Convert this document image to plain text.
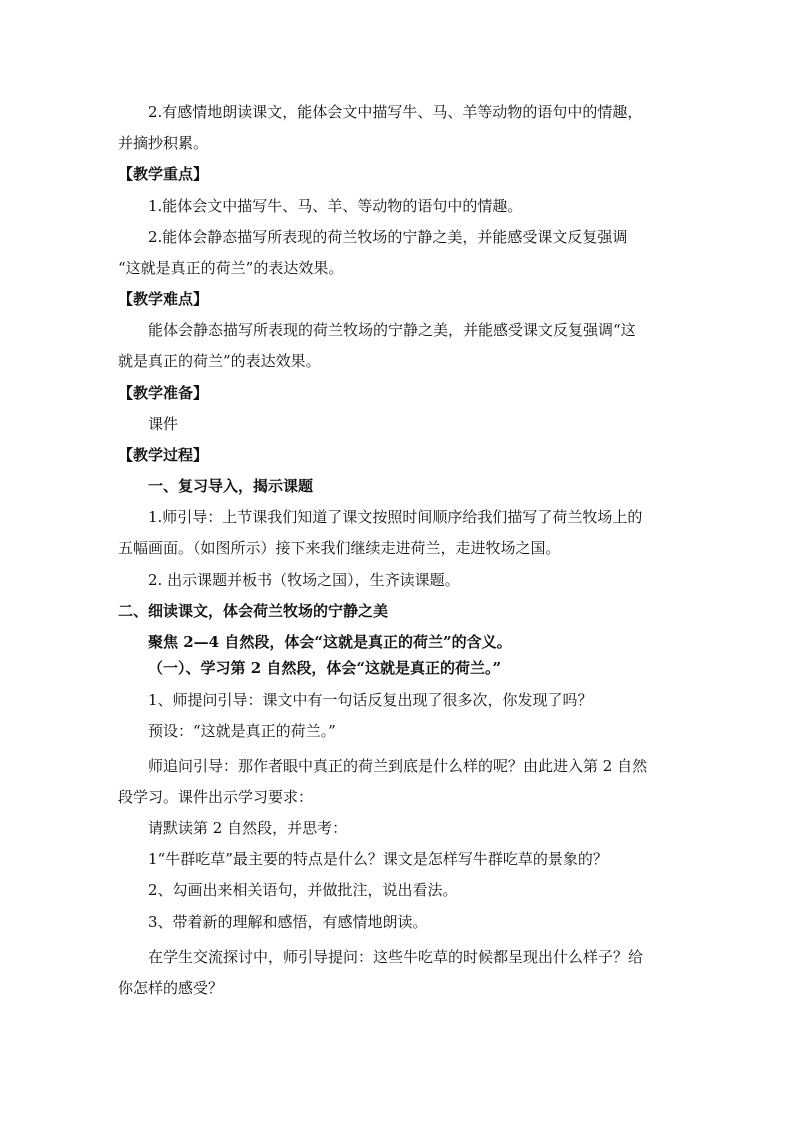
2.有感情地朗读课文，能体会文中描写牛、马、羊等动物的语句中的情趣，
并摘抄积累。
【教学重点】
1.能体会文中描写牛、马、羊、等动物的语句中的情趣。
2.能体会静态描写所表现的荷兰牧场的宁静之美，并能感受课文反复强调
“这就是真正的荷兰”的表达效果。
【教学难点】
能体会静态描写所表现的荷兰牧场的宁静之美，并能感受课文反复强调“这
就是真正的荷兰”的表达效果。
【教学准备】
课件
【教学过程】
一、复习导入，揭示课题
1.师引导：上节课我们知道了课文按照时间顺序给我们描写了荷兰牧场上的
五幅画面。（如图所示）接下来我们继续走进荷兰，走进牧场之国。
2. 出示课题并板书（牧场之国），生齐读课题。
二、细读课文，体会荷兰牧场的宁静之美
聚焦 2—4 自然段，体会“这就是真正的荷兰”的含义。
（一）、学习第 2 自然段，体会“这就是真正的荷兰。”
1、师提问引导：课文中有一句话反复出现了很多次，你发现了吗？
预设：“这就是真正的荷兰。”
师追问引导：那作者眼中真正的荷兰到底是什么样的呢？由此进入第 2 自然
段学习。课件出示学习要求：
请默读第 2 自然段，并思考：
1“牛群吃草”最主要的特点是什么？课文是怎样写牛群吃草的景象的？
2、勾画出来相关语句，并做批注，说出看法。
3、带着新的理解和感悟，有感情地朗读。
在学生交流探讨中，师引导提问：这些牛吃草的时候都呈现出什么样子？给
你怎样的感受？
